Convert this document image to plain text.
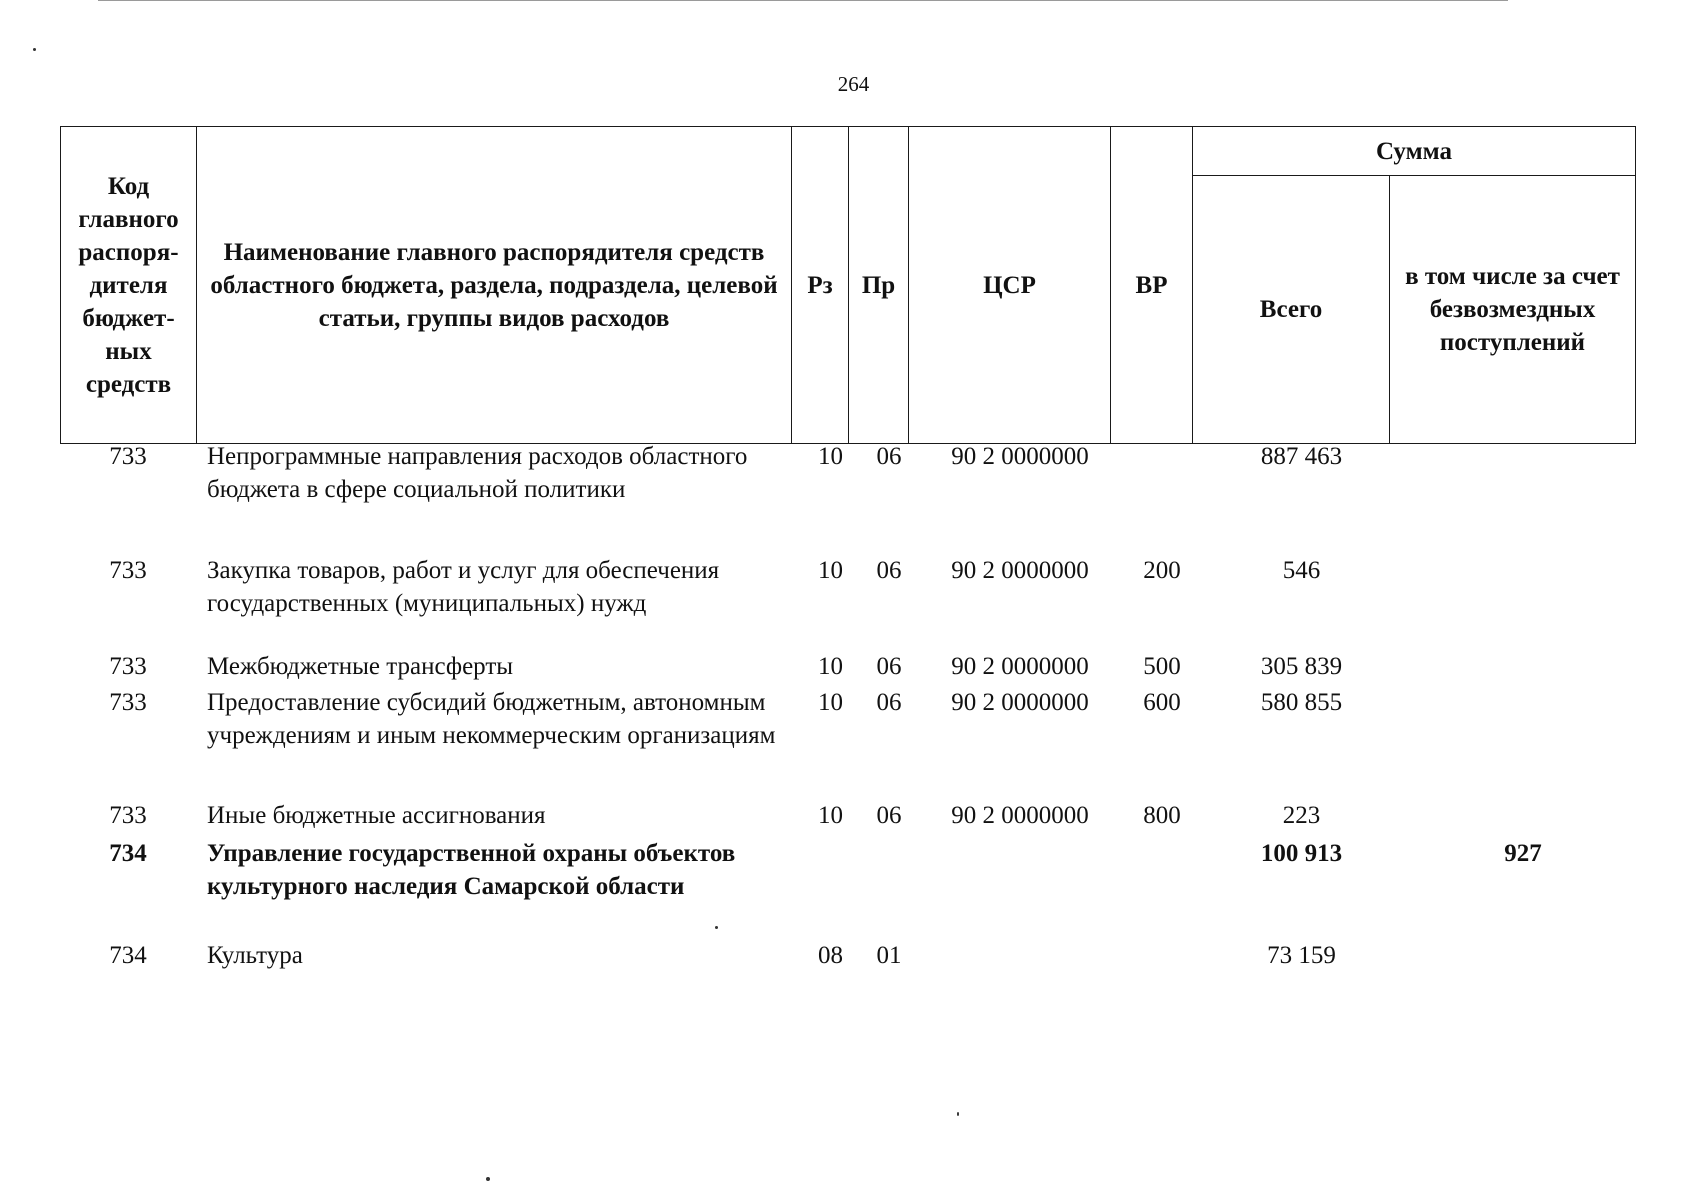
264
Код главного распоря-дителя бюджет-ных средств	Наименование главного распорядителя средств областного бюджета, раздела, подраздела, целевой статьи, группы видов расходов	Рз	Пр	ЦСР	ВР	Сумма	
						Всего	в том числе за счет безвозмездных поступлений
733	Непрограммные направления расходов областного бюджета в сфере социальной политики	10	06	90 2 0000000		887 463	
733	Закупка товаров, работ и услуг для обеспечения государственных (муниципальных) нужд	10	06	90 2 0000000	200	546	
733	Межбюджетные трансферты	10	06	90 2 0000000	500	305 839	
733	Предоставление субсидий бюджетным, автономным учреждениям и иным некоммерческим организациям	10	06	90 2 0000000	600	580 855	
733	Иные бюджетные ассигнования	10	06	90 2 0000000	800	223	
734	Управление государственной охраны объектов культурного наследия Самарской области					100 913	927
734	Культура	08	01			73 159	
